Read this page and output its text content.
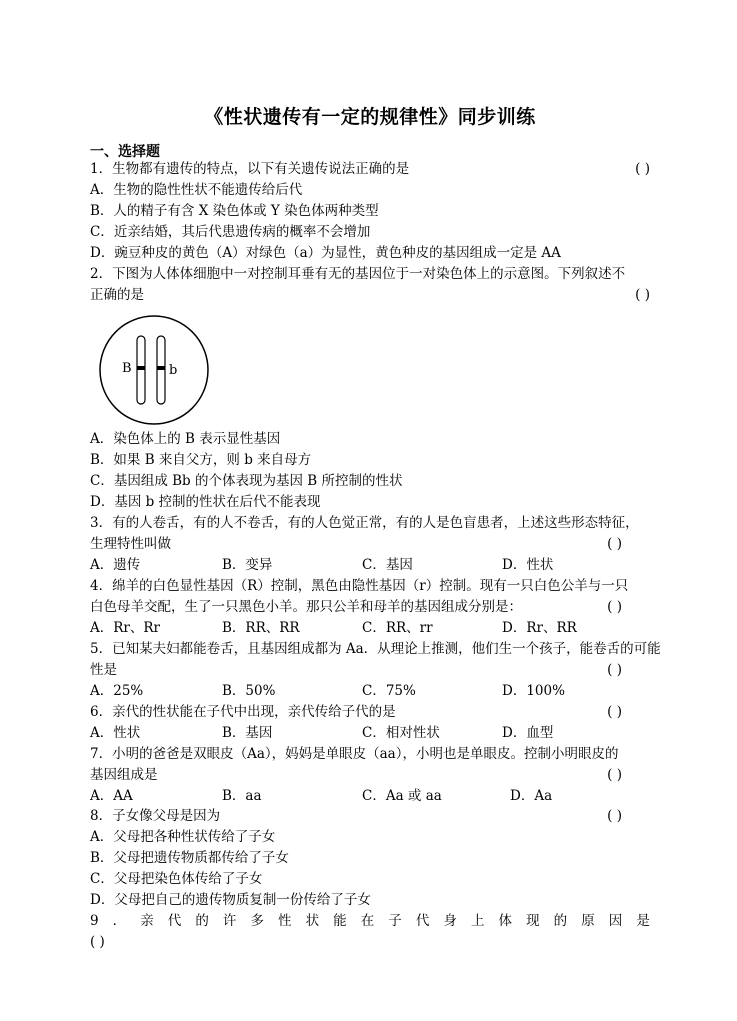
《性状遗传有一定的规律性》同步训练
一、选择题
1．生物都有遗传的特点，以下有关遗传说法正确的是	( )
A．生物的隐性性状不能遗传给后代
B．人的精子有含 X 染色体或 Y 染色体两种类型
C．近亲结婚，其后代患遗传病的概率不会增加
D．豌豆种皮的黄色（A）对绿色（a）为显性，黄色种皮的基因组成一定是 AA
2．下图为人体体细胞中一对控制耳垂有无的基因位于一对染色体上的示意图。下列叙述不
正确的是	( )
B	b
A．染色体上的 B 表示显性基因
B．如果 B 来自父方，则 b 来自母方
C．基因组成 Bb 的个体表现为基因 B 所控制的性状
D．基因 b 控制的性状在后代不能表现
3．有的人卷舌，有的人不卷舌，有的人色觉正常，有的人是色盲患者，上述这些形态特征，
生理特性叫做	( )
A．遗传	B．变异	C．基因	D．性状
4．绵羊的白色显性基因（R）控制，黑色由隐性基因（r）控制。现有一只白色公羊与一只
白色母羊交配，生了一只黑色小羊。那只公羊和母羊的基因组成分别是：	( )
A．Rr、Rr	B．RR、RR	C．RR、rr	D．Rr、RR
5．已知某夫妇都能卷舌，且基因组成都为 Aa．从理论上推测，他们生一个孩子，能卷舌的可能
性是	( )
A．25%	B．50%	C．75%	D．100%
6．亲代的性状能在子代中出现，亲代传给子代的是	( )
A．性状	B．基因	C．相对性状	D．血型
7．小明的爸爸是双眼皮（Aa），妈妈是单眼皮（aa），小明也是单眼皮。控制小明眼皮的
基因组成是	( )
A．AA	B．aa	C．Aa 或 aa	D．Aa
8．子女像父母是因为	( )
A．父母把各种性状传给了子女
B．父母把遗传物质都传给了子女
C．父母把染色体传给了子女
D．父母把自己的遗传物质复制一份传给了子女
9 ． 亲 代 的 许 多 性 状 能 在 子 代 身 上 体 现 的 原 因 是
( )
